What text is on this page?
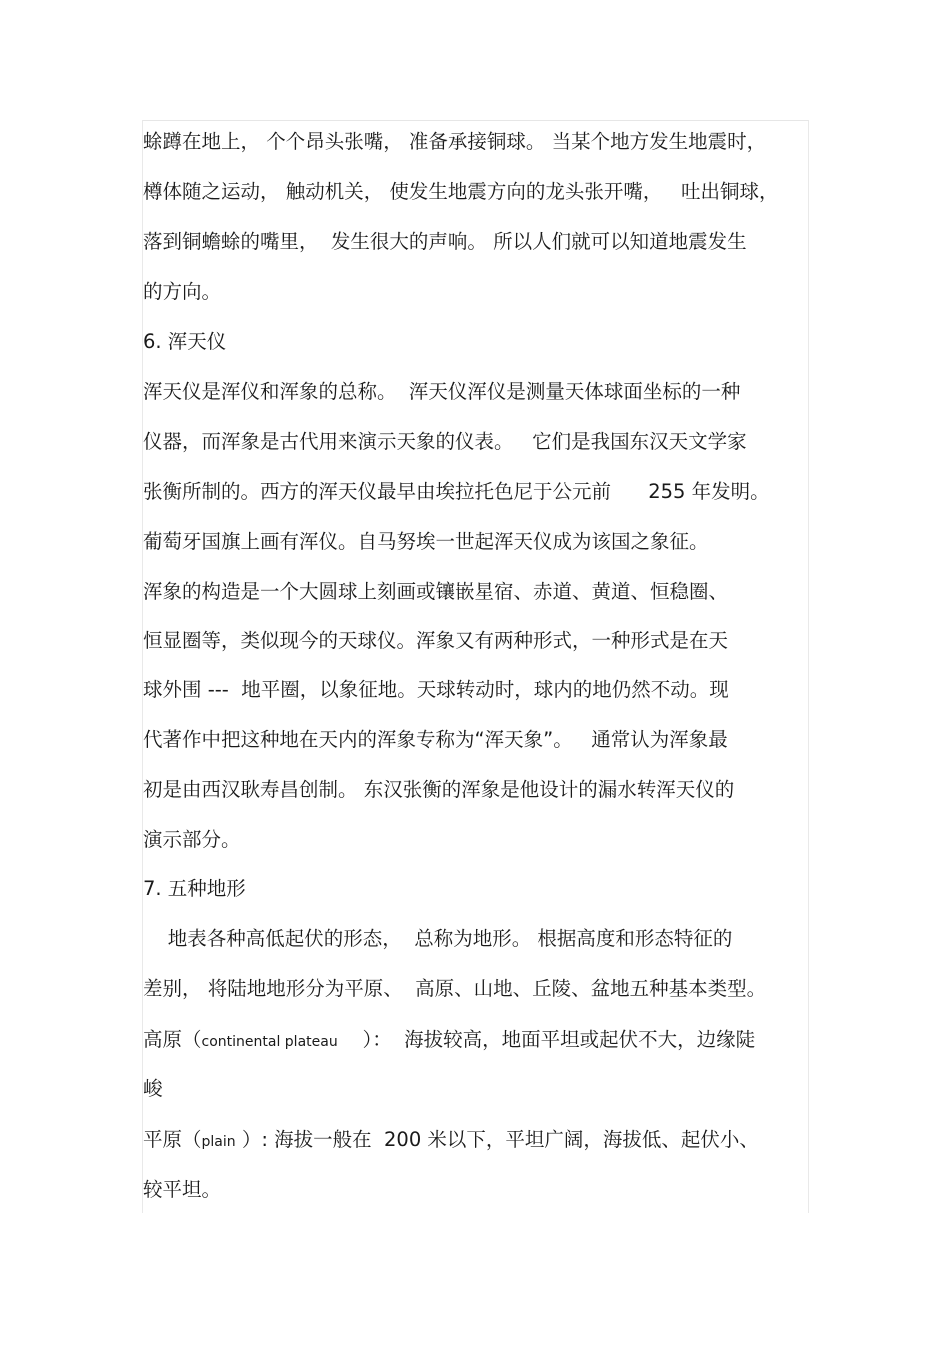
蜍蹲在地上， 个个昂头张嘴， 准备承接铜球。 当某个地方发生地震时，
樽体随之运动， 触动机关， 使发生地震方向的龙头张开嘴，   吐出铜球，
落到铜蟾蜍的嘴里，  发生很大的声响。 所以人们就可以知道地震发生
的方向。
6. 浑天仪
浑天仪是浑仪和浑象的总称。  浑天仪浑仪是测量天体球面坐标的一种
仪器，而浑象是古代用来演示天象的仪表。   它们是我国东汉天文学家
张衡所制的。西方的浑天仪最早由埃拉托色尼于公元前      255 年发明。
葡萄牙国旗上画有浑仪。自马努埃一世起浑天仪成为该国之象征。
浑象的构造是一个大圆球上刻画或镶嵌星宿、赤道、黄道、恒稳圈、
恒显圈等，类似现今的天球仪。浑象又有两种形式，一种形式是在天
球外围 ---  地平圈，以象征地。天球转动时，球内的地仍然不动。现
代著作中把这种地在天内的浑象专称为“浑天象”。   通常认为浑象最
初是由西汉耿寿昌创制。 东汉张衡的浑象是他设计的漏水转浑天仪的
演示部分。
7. 五种地形
地表各种高低起伏的形态，  总称为地形。 根据高度和形态特征的
差别， 将陆地地形分为平原、  高原、山地、丘陵、盆地五种基本类型。
高原（continental plateau    ）：  海拔较高，地面平坦或起伏不大，边缘陡
峻
平原（plain ）: 海拔一般在  200 米以下，平坦广阔，海拔低、起伏小、
较平坦。
